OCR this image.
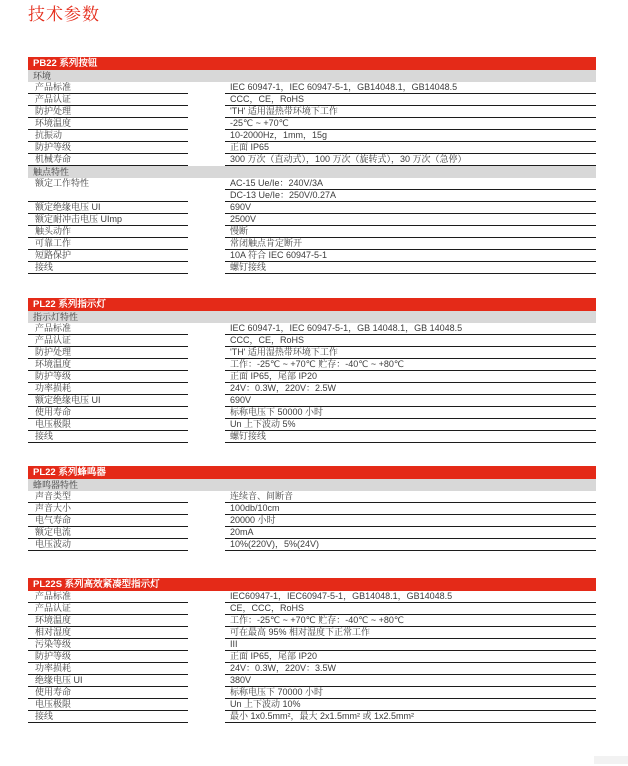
技术参数
PB22 系列按钮
环境
产品标准	IEC 60947-1，IEC 60947-5-1，GB14048.1，GB14048.5
产品认证	CCC，CE，RoHS
防护处理	'TH' 适用湿热带环境下工作
环境温度	-25℃ ~ +70℃
抗振动	10-2000Hz，1mm，15g
防护等级	正面 IP65
机械寿命	300 万次（直动式），100 万次（旋转式），30 万次（急停）
触点特性
额定工作特性	AC-15 Ue/Ie：240V/3A
DC-13 Ue/Ie：250V/0.27A
额定绝缘电压 UI	690V
额定耐冲击电压 UImp	2500V
触头动作	慢断
可靠工作	常闭触点肯定断开
短路保护	10A 符合 IEC 60947-5-1
接线	螺钉接线
PL22 系列指示灯
指示灯特性
产品标准	IEC 60947-1，IEC 60947-5-1，GB 14048.1，GB 14048.5
产品认证	CCC，CE，RoHS
防护处理	'TH' 适用湿热带环境下工作
环境温度	工作：-25℃ ~ +70℃ 贮存：-40℃ ~ +80℃
防护等级	正面 IP65，尾部 IP20
功率损耗	24V：0.3W，220V：2.5W
额定绝缘电压 UI	690V
使用寿命	标称电压下 50000 小时
电压极限	Un 上下波动 5%
接线	螺钉接线
PL22 系列蜂鸣器
蜂鸣器特性
声音类型	连续音、间断音
声音大小	100db/10cm
电气寿命	20000 小时
额定电流	20mA
电压波动	10%(220V)，5%(24V)
PL22S 系列高效紧凑型指示灯
产品标准	IEC60947-1，IEC60947-5-1，GB14048.1，GB14048.5
产品认证	CE，CCC，RoHS
环境温度	工作：-25℃ ~ +70℃ 贮存：-40℃ ~ +80℃
相对湿度	可在最高 95% 相对湿度下正常工作
污染等级	III
防护等级	正面 IP65，尾部 IP20
功率损耗	24V：0.3W，220V：3.5W
绝缘电压 UI	380V
使用寿命	标称电压下 70000 小时
电压极限	Un 上下波动 10%
接线	最小 1x0.5mm²，最大 2x1.5mm² 或 1x2.5mm²
